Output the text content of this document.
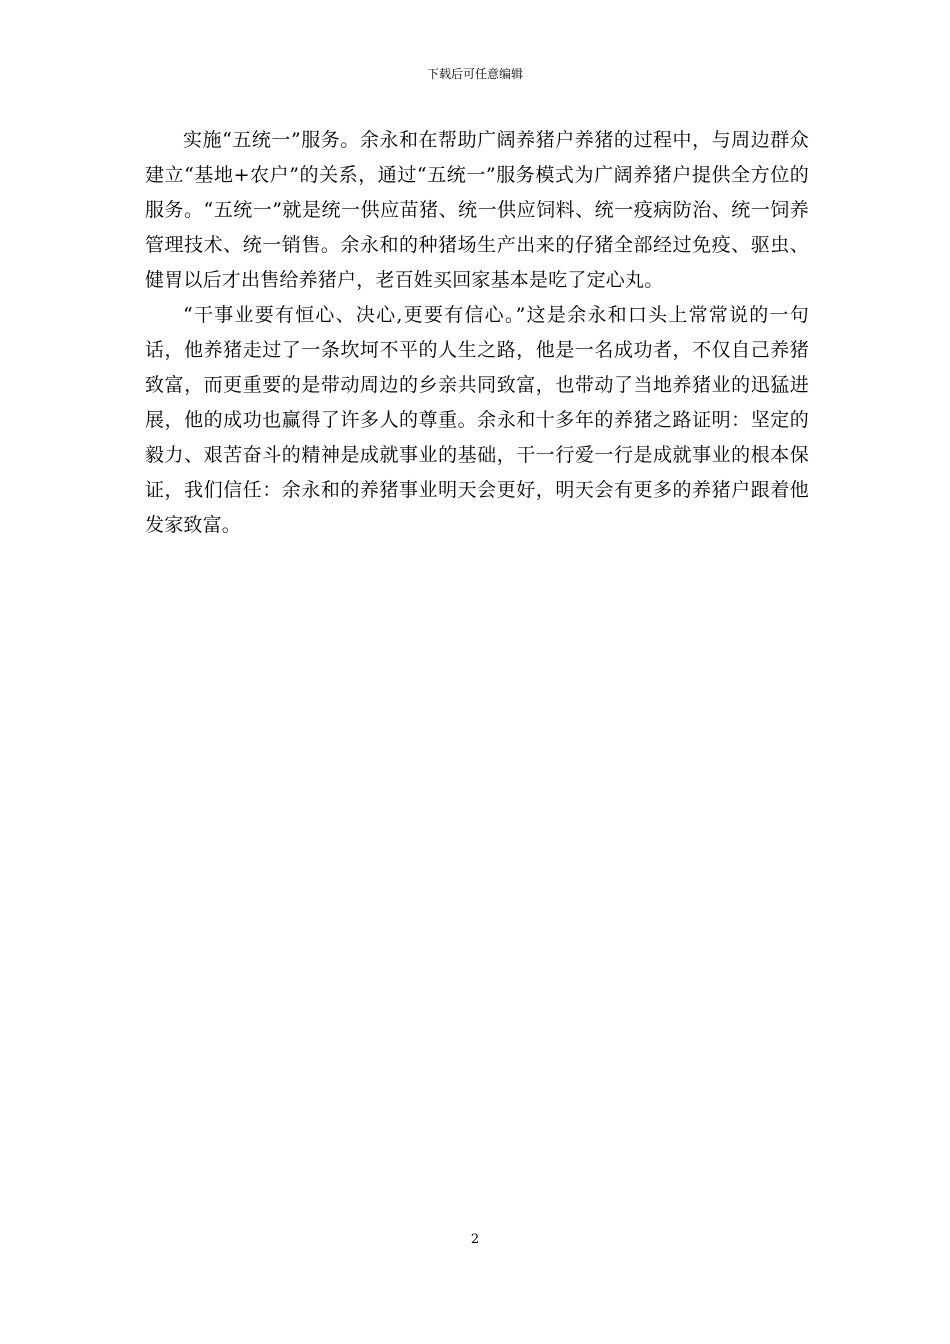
下载后可任意编辑

实施“五统一”服务。余永和在帮助广阔养猪户养猪的过程中，与周边群众建立“基地+农户”的关系，通过“五统一”服务模式为广阔养猪户提供全方位的服务。“五统一”就是统一供应苗猪、统一供应饲料、统一疫病防治、统一饲养管理技术、统一销售。余永和的种猪场生产出来的仔猪全部经过免疫、驱虫、健胃以后才出售给养猪户，老百姓买回家基本是吃了定心丸。

“干事业要有恒心、决心,更要有信心。”这是余永和口头上常常说的一句话，他养猪走过了一条坎坷不平的人生之路，他是一名成功者，不仅自己养猪致富，而更重要的是带动周边的乡亲共同致富，也带动了当地养猪业的迅猛进展，他的成功也赢得了许多人的尊重。余永和十多年的养猪之路证明：坚定的毅力、艰苦奋斗的精神是成就事业的基础，干一行爱一行是成就事业的根本保证，我们信任：余永和的养猪事业明天会更好，明天会有更多的养猪户跟着他发家致富。

2
